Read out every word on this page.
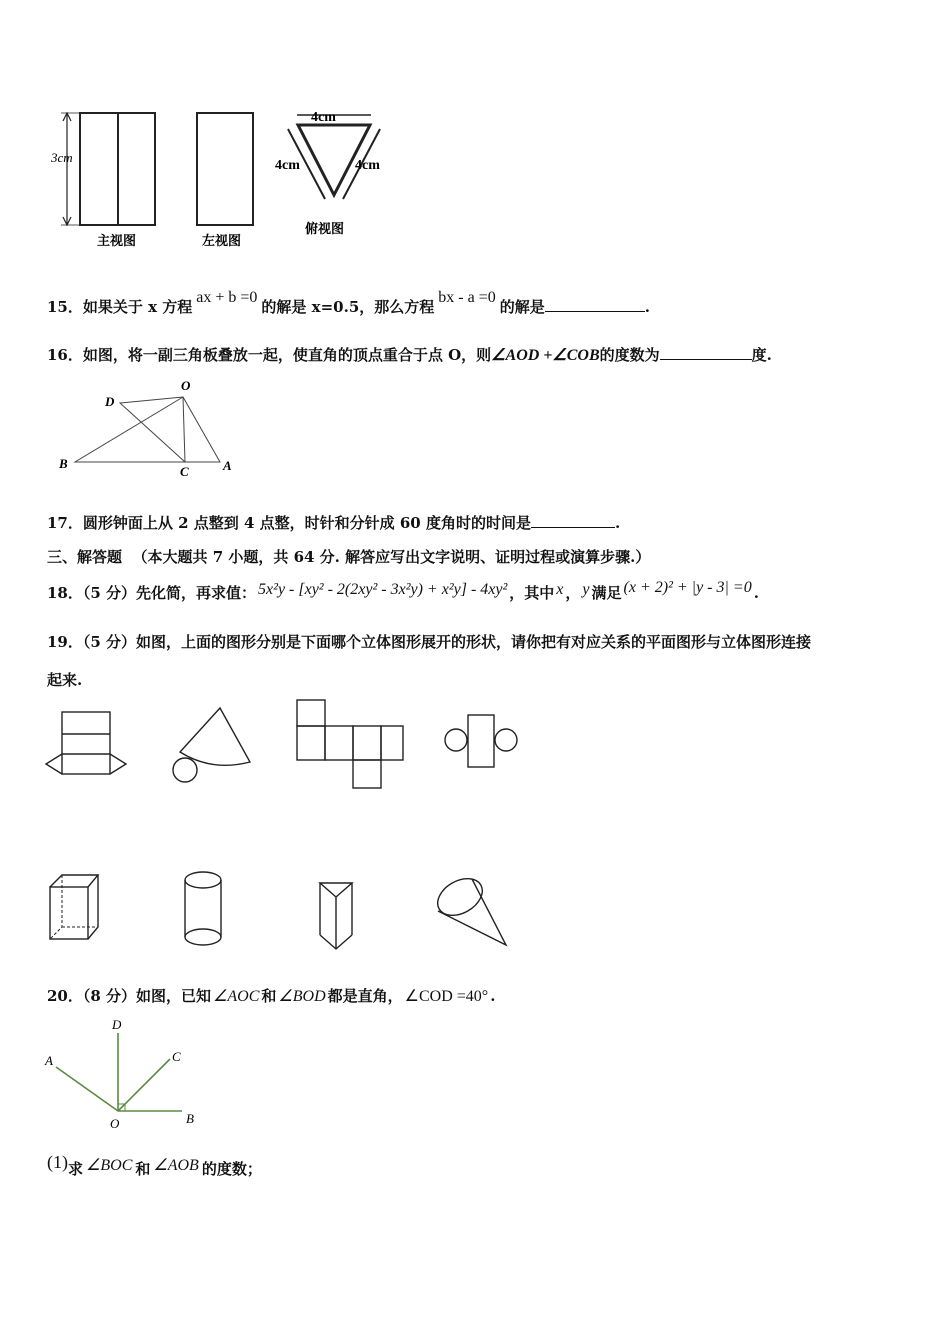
3cm
主视图	左视图
4cm
4cm	4cm
俯视图
15．如果关于 x 方程ax + b =0的解是 x=0.5，那么方程bx - a =0的解是	.
16．如图，将一副三角板叠放一起，使直角的顶点重合于点 O，则∠AOD +∠COB的度数为	度.
O
D
B
C	A
17．圆形钟面上从 2 点整到 4 点整，时针和分针成 60 度角时的时间是	.
三、解答题 （本大题共 7 小题，共 64 分. 解答应写出文字说明、证明过程或演算步骤.）
18．（5 分）先化简，再求值： 5x²y - [xy² - 2(2xy² - 3x²y) + x²y] - 4xy² ，其中 x ， y 满足 (x + 2)² + |y - 3| =0 .
19．（5 分）如图，上面的图形分别是下面哪个立体图形展开的形状，请你把有对应关系的平面图形与立体图形连接
起来.
20．（8 分）如图，已知 ∠AOC 和 ∠BOD 都是直角， ∠COD =40° .
D
A	C
O	B
(1)求 ∠BOC 和 ∠AOB 的度数；
